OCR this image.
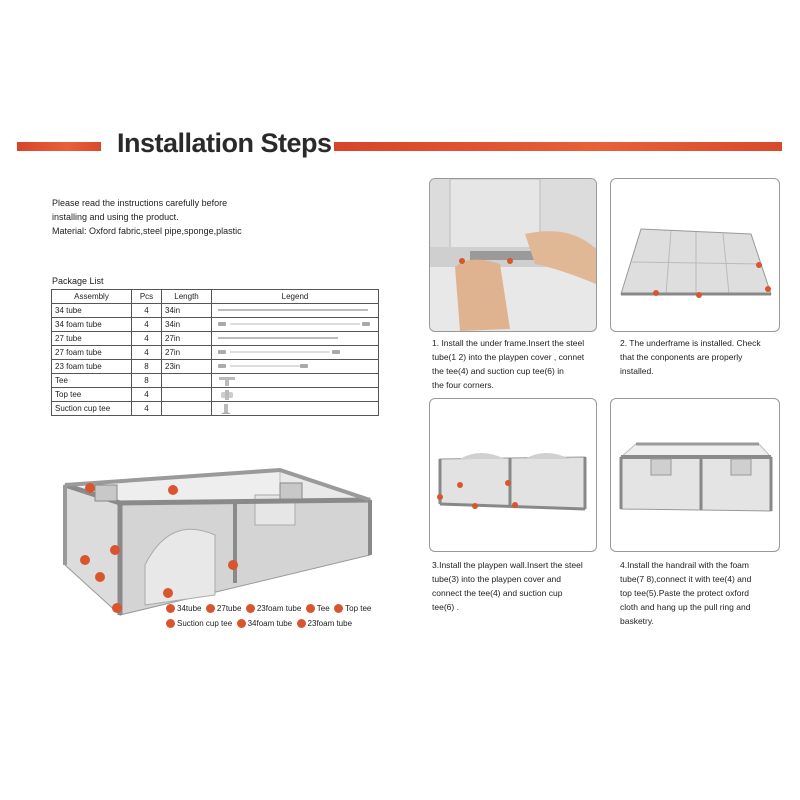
Installation Steps
Please read the instructions carefully before
installing and using the product.
Material: Oxford fabric,steel pipe,sponge,plastic
Package List
Assembly	Pcs	Length	Legend
34 tube	4	34in	

34 foam tube	4	34in	

27 tube	4	27in	

27 foam tube	4	27in	

23 foam tube	8	23in	

Tee	8		

Top tee	4		

Suction cup tee	4		
34tube 27tube 23foam tube Tee Top tee
Suction cup tee 34foam tube 23foam tube
1. Install the under frame.Insert the steel
tube(1 2) into the playpen cover , connet
the tee(4) and suction cup tee(6) in
the four corners.
2. The underframe is installed. Check
that the conponents are properly
installed.
3.Install the playpen wall.Insert the steel
tube(3) into the playpen cover and
connect the tee(4) and suction cup
tee(6) .
4.Install the handrail with the foam
tube(7 8),connect it with tee(4) and
top tee(5).Paste the protect oxford
cloth and hang up the pull ring and
basketry.
